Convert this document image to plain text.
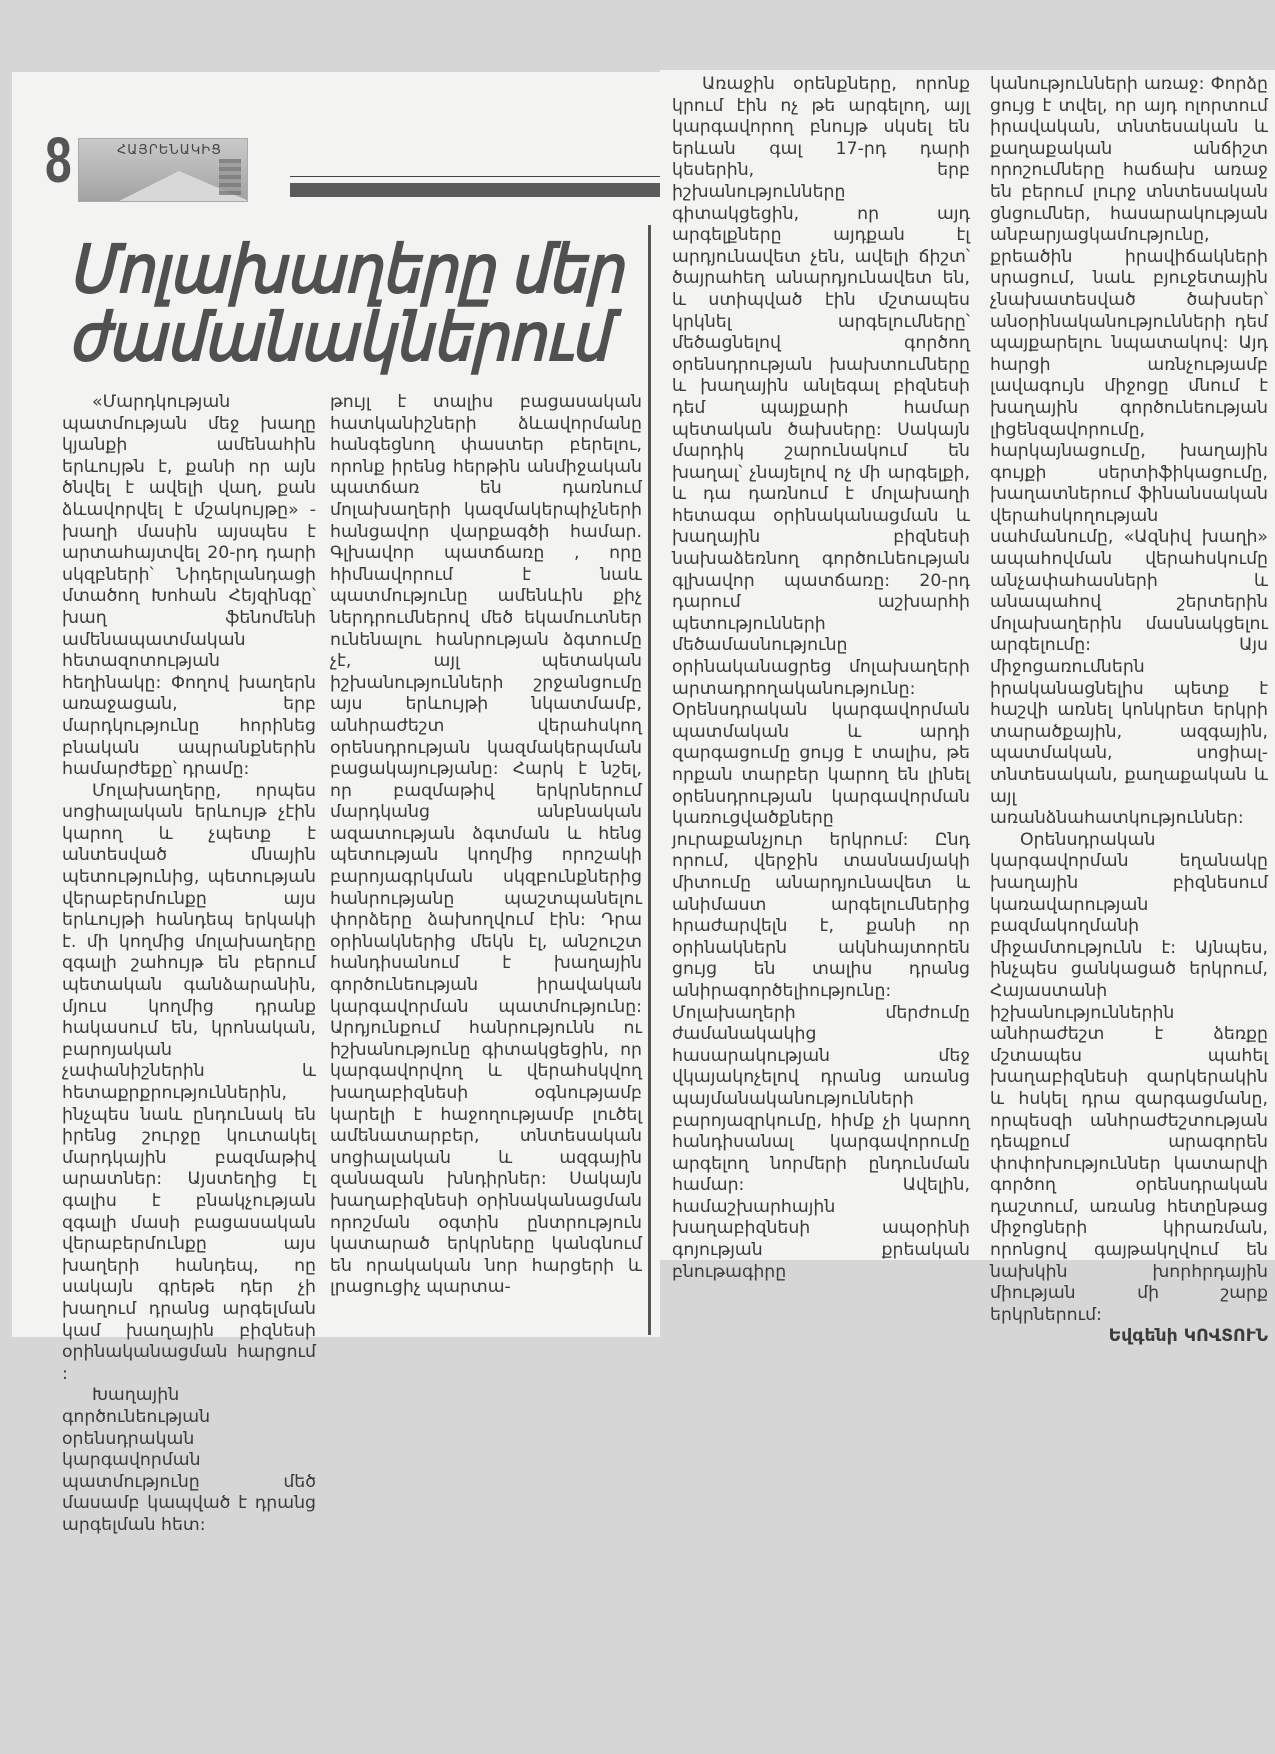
8	ՀԱՅՐԵՆԱԿԻՑ
Մոլախաղերը մեր
ժամանակներում

«Մարդկության պատմության մեջ խաղը կյանքի ամենահին երևույթն է, քանի որ այն ծնվել է ավելի վաղ, քան ձևավորվել է մշակույթը» - խաղի մասին այսպես է արտահայտվել 20-րդ դարի սկզբների՝ Նիդերլանդացի մտածող Խոհան Հեյզինգը՝ խաղ ֆենոմենի ամենապատմական հետազոտության հեղինակը: Փողով խաղերն առաջացան, երբ մարդկությունը հորինեց բնական ապրանքներին համարժեքը՝ դրամը:

Մոլախաղերը, որպես սոցիալական երևույթ չէին կարող և չպետք է անտեսված մնային պետությունից, պետության վերաբերմունքը այս երևույթի հանդեպ երկակի է. մի կողմից մոլախաղերը զգալի շահույթ են բերում պետական գանձարանին, մյուս կողմից դրանք հակասում են, կրոնական, բարոյական չափանիշներին և հետաքրքրություններին, ինչպես նաև ընդունակ են իրենց շուրջը կուտակել մարդկային բազմաթիվ արատներ: Այստեղից էլ գալիս է բնակչության զգալի մասի բացասական վերաբերմունքը այս խաղերի հանդեպ, ոը սակայն գրեթե դեր չի խաղում դրանց արգելման կամ խաղային բիզնեսի օրինականացման հարցում :

Խաղային գործունեության օրենսդրական կարգավորման պատմությունը մեծ մասամբ կապված է դրանց արգելման հետ:

թույլ է տալիս բացասական հատկանիշների ձևավորմանը հանգեցնող փաստեր բերելու, որոնք իրենց հերթին անմիջական պատճառ են դառնում մոլախաղերի կազմակերպիչների հանցավոր վարքագծի համար. Գլխավոր պատճառը , որը հիմնավորում է նաև պատմությունը ամենևին քիչ ներդրումներով մեծ եկամուտներ ունենալու հանրության ձգտումը չէ, այլ պետական իշխանությունների շրջանցումը այս երևույթի նկատմամբ, անհրաժեշտ վերահսկող օրենսդրության կազմակերպման բացակայությանը: Հարկ է նշել, որ բազմաթիվ երկրներում մարդկանց անբնական ազատության ձգտման և հենց պետության կողմից որոշակի բարոյագրկման սկզբունքներից հանրությանը պաշտպանելու փորձերը ձախողվում էին: Դրա օրինակներից մեկն էլ, անշուշտ հանդիսանում է խաղային գործունեության իրավական կարգավորման պատմությունը: Արդյունքում հանրությունն ու իշխանությունը գիտակցեցին, որ կարգավորվող և վերահսկվող խաղաբիզնեսի օգնությամբ կարելի է հաջողությամբ լուծել ամենատարբեր, տնտեսական սոցիալական և ազգային զանազան խնդիրներ: Սակայն խաղաբիզնեսի օրինականացման որոշման օգտին ընտրություն կատարած երկրները կանգնում են որակական նոր հարցերի և լրացուցիչ պարտա-

Առաջին օրենքները, որոնք կրում էին ոչ թե արգելող, այլ կարգավորող բնույթ սկսել են երևան գալ 17-րդ դարի կեսերին, երբ իշխանությունները գիտակցեցին, որ այդ արգելքները այդքան էլ արդյունավետ չեն, ավելի ճիշտ՝ ծայրահեղ անարդյունավետ են, և ստիպված էին մշտապես կրկնել արգելումները՝ մեծացնելով գործող օրենսդրության խախտումները և խաղային անլեգալ բիզնեսի դեմ պայքարի համար պետական ծախսերը: Սակայն մարդիկ շարունակում են խաղալ՝ չնայելով ոչ մի արգելքի, և դա դառնում է մոլախաղի հետագա օրինականացման և խաղային բիզնեսի նախաձեռնող գործունեության գլխավոր պատճառը: 20-րդ դարում աշխարհի պետությունների մեծամասնությունը օրինականացրեց մոլախաղերի արտադրողականությունը: Օրենսդրական կարգավորման պատմական և արդի զարգացումը ցույց է տալիս, թե որքան տարբեր կարող են լինել օրենսդրության կարգավորման կառուցվածքները յուրաքանչյուր երկրում: Ընդ որում, վերջին տասնամյակի միտումը անարդյունավետ և անիմաստ արգելումներից հրաժարվելն է, քանի որ օրինակներն ակնհայտորեն ցույց են տալիս դրանց անիրագործելիությունը: Մոլախաղերի մերժումը ժամանակակից հասարակության մեջ վկայակոչելով դրանց առանց պայմանականությունների բարոյազրկումը, հիմք չի կարող հանդիսանալ կարգավորումը արգելող նորմերի ընդունման համար: Ավելին, համաշխարհային խաղաբիզնեսի ապօրինի գոյության քրեական բնութագիրը

կանությունների առաջ: Փորձը ցույց է տվել, որ այդ ոլորտում իրավական, տնտեսական և քաղաքական անճիշտ որոշումները հաճախ առաջ են բերում լուրջ տնտեսական ցնցումներ, հասարակության անբարյացկամությունը, քրեածին իրավիճակների սրացում, նաև բյուջետային չնախատեսված ծախսեր՝ անօրինականությունների դեմ պայքարելու նպատակով: Այդ հարցի առնչությամբ լավագույն միջոցը մնում է խաղային գործունեության լիցենզավորումը, հարկայնացումը, խաղային գույքի սերտիֆիկացումը, խաղատներում ֆինանսական վերահսկողության սահմանումը, «Ազնիվ խաղի» ապահովման վերահսկումը անչափահասների և անապահով շերտերին մոլախաղերին մասնակցելու արգելումը: Այս միջոցառումներն իրականացնելիս պետք է հաշվի առնել կոնկրետ երկրի տարածքային, ազգային, պատմական, սոցիալ-տնտեսական, քաղաքական և այլ առանձնահատկություններ:

Օրենսդրական կարգավորման եղանակը խաղային բիզնեսում կառավարության բազմակողմանի միջամտությունն է: Այնպես, ինչպես ցանկացած երկրում, Հայաստանի իշխանություններին անհրաժեշտ է ձեռքը մշտապես պահել խաղաբիզնեսի զարկերակին և հսկել դրա զարգացմանը, որպեսզի անհրաժեշտության դեպքում արագորեն փոփոխություններ կատարվի գործող օրենսդրական դաշտում, առանց հետընթաց միջոցների կիրառման, որոնցով գայթակղվում են նախկին խորհրդային միության մի շարք երկրներում:

Եվգենի ԿՈՎՏՈՒՆ
